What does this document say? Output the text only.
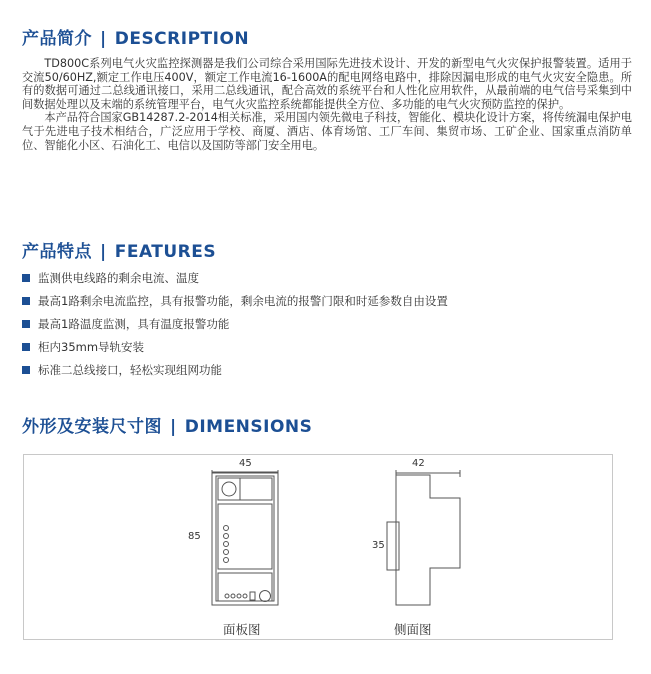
产品简介 | DESCRIPTION

TD800C系列电气火灾监控探测器是我们公司综合采用国际先进技术设计、开发的新型电气火灾保护报警装置。适用于交流50/60HZ,额定工作电压400V，额定工作电流16-1600A的配电网络电路中，排除因漏电形成的电气火灾安全隐患。所有的数据可通过二总线通讯接口，采用二总线通讯，配合高效的系统平台和人性化应用软件，从最前端的电气信号采集到中间数据处理以及末端的系统管理平台，电气火灾监控系统都能提供全方位、多功能的电气火灾预防监控的保护。

本产品符合国家GB14287.2-2014相关标准，采用国内领先微电子科技，智能化、模块化设计方案，将传统漏电保护电气于先进电子技术相结合，广泛应用于学校、商厦、酒店、体育场馆、工厂车间、集贸市场、工矿企业、国家重点消防单位、智能化小区、石油化工、电信以及国防等部门安全用电。

产品特点 | FEATURES
监测供电线路的剩余电流、温度
最高1路剩余电流监控，具有报警功能，剩余电流的报警门限和时延参数自由设置
最高1路温度监测，具有温度报警功能
柜内35mm导轨安装
标准二总线接口，轻松实现组网功能
外形及安装尺寸图 | DIMENSIONS
45
85
42
35
面板图	侧面图
